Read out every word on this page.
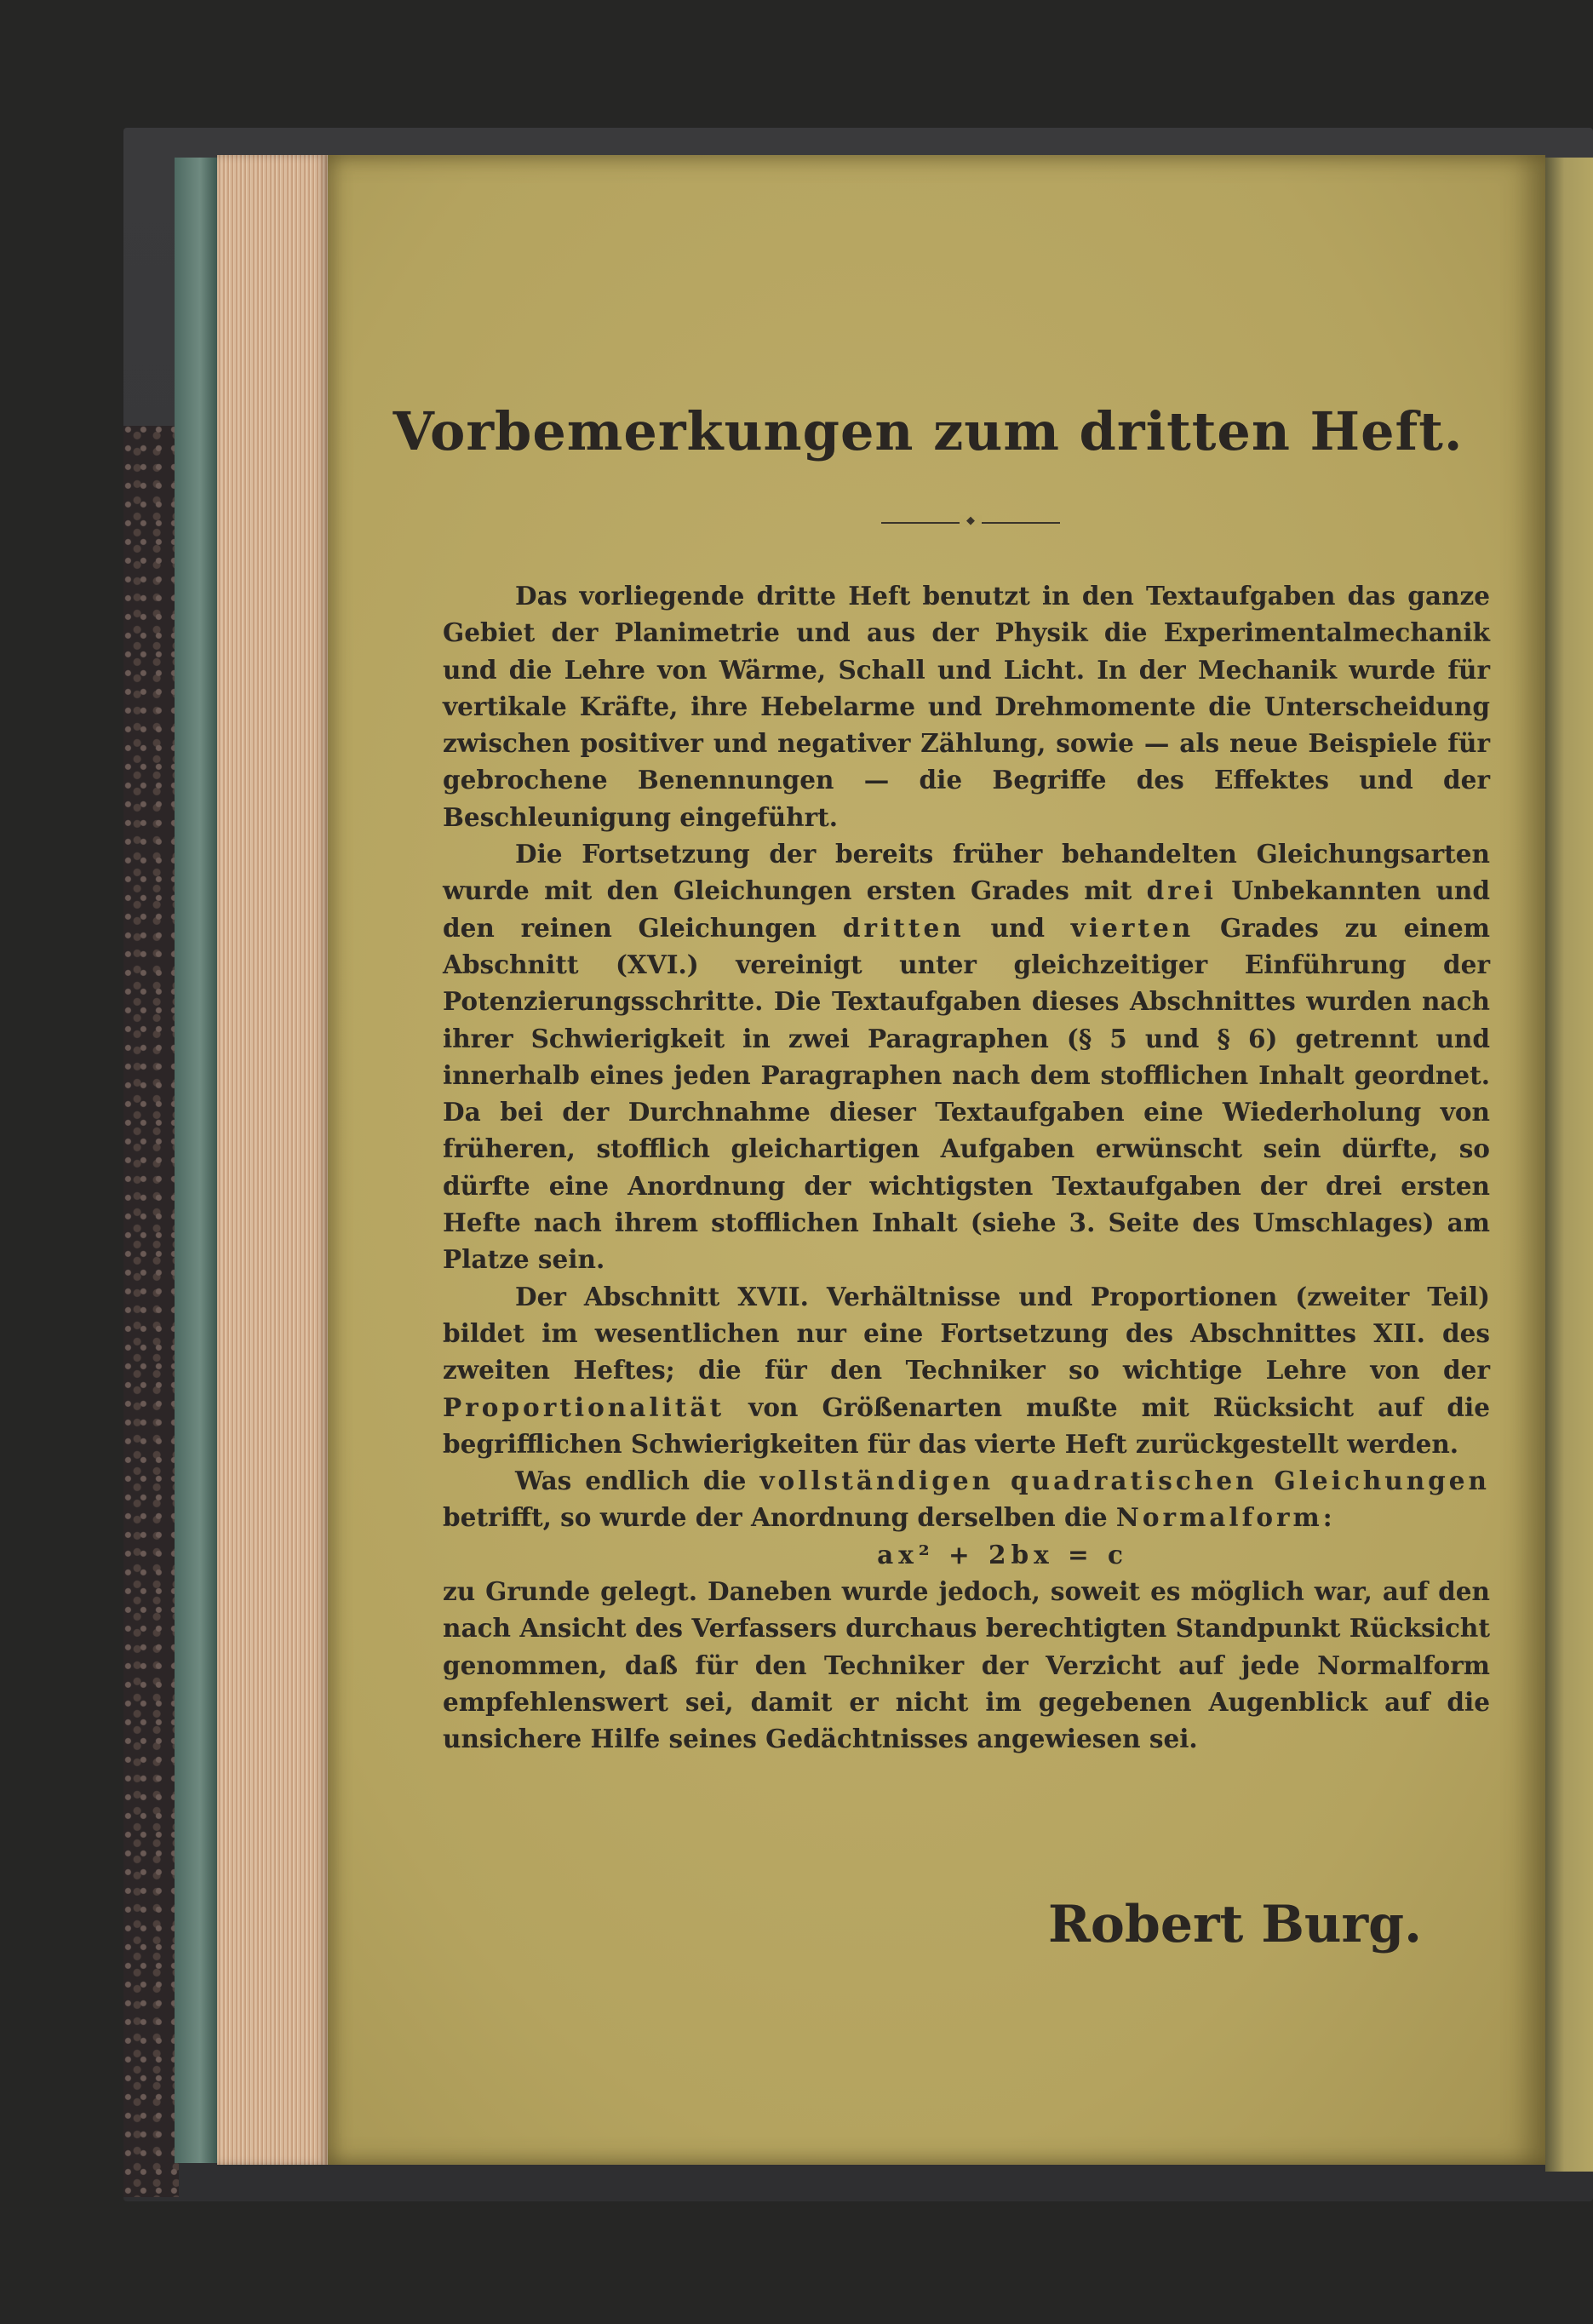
Vorbemerkungen zum dritten Heft.
◆

Das vorliegende dritte Heft benutzt in den Textaufgaben das ganze Gebiet der Planimetrie und aus der Physik die Experimentalmechanik und die Lehre von Wärme, Schall und Licht. In der Mechanik wurde für vertikale Kräfte, ihre Hebelarme und Drehmomente die Unterscheidung zwischen positiver und negativer Zählung, sowie — als neue Beispiele für gebrochene Benennungen — die Begriffe des Effektes und der Beschleunigung eingeführt.

Die Fortsetzung der bereits früher behandelten Gleichungsarten wurde mit den Gleichungen ersten Grades mit drei Unbekannten und den reinen Gleichungen dritten und vierten Grades zu einem Abschnitt (XVI.) vereinigt unter gleichzeitiger Einführung der Potenzierungsschritte. Die Textaufgaben dieses Abschnittes wurden nach ihrer Schwierigkeit in zwei Paragraphen (§ 5 und § 6) getrennt und innerhalb eines jeden Paragraphen nach dem stofflichen Inhalt geordnet. Da bei der Durchnahme dieser Textaufgaben eine Wiederholung von früheren, stofflich gleichartigen Aufgaben erwünscht sein dürfte, so dürfte eine Anordnung der wichtigsten Textaufgaben der drei ersten Hefte nach ihrem stofflichen Inhalt (siehe 3. Seite des Umschlages) am Platze sein.

Der Abschnitt XVII. Verhältnisse und Proportionen (zweiter Teil) bildet im wesentlichen nur eine Fortsetzung des Abschnittes XII. des zweiten Heftes; die für den Techniker so wichtige Lehre von der Proportionalität von Größenarten mußte mit Rücksicht auf die begrifflichen Schwierigkeiten für das vierte Heft zurückgestellt werden.

Was endlich die vollständigen quadratischen Gleichungen betrifft, so wurde der Anordnung derselben die Normalform:

ax² + 2bx = c

zu Grunde gelegt. Daneben wurde jedoch, soweit es möglich war, auf den nach Ansicht des Verfassers durchaus berechtigten Standpunkt Rücksicht genommen, daß für den Techniker der Verzicht auf jede Normalform empfehlenswert sei, damit er nicht im gegebenen Augenblick auf die unsichere Hilfe seines Gedächtnisses angewiesen sei.

Robert Burg.
